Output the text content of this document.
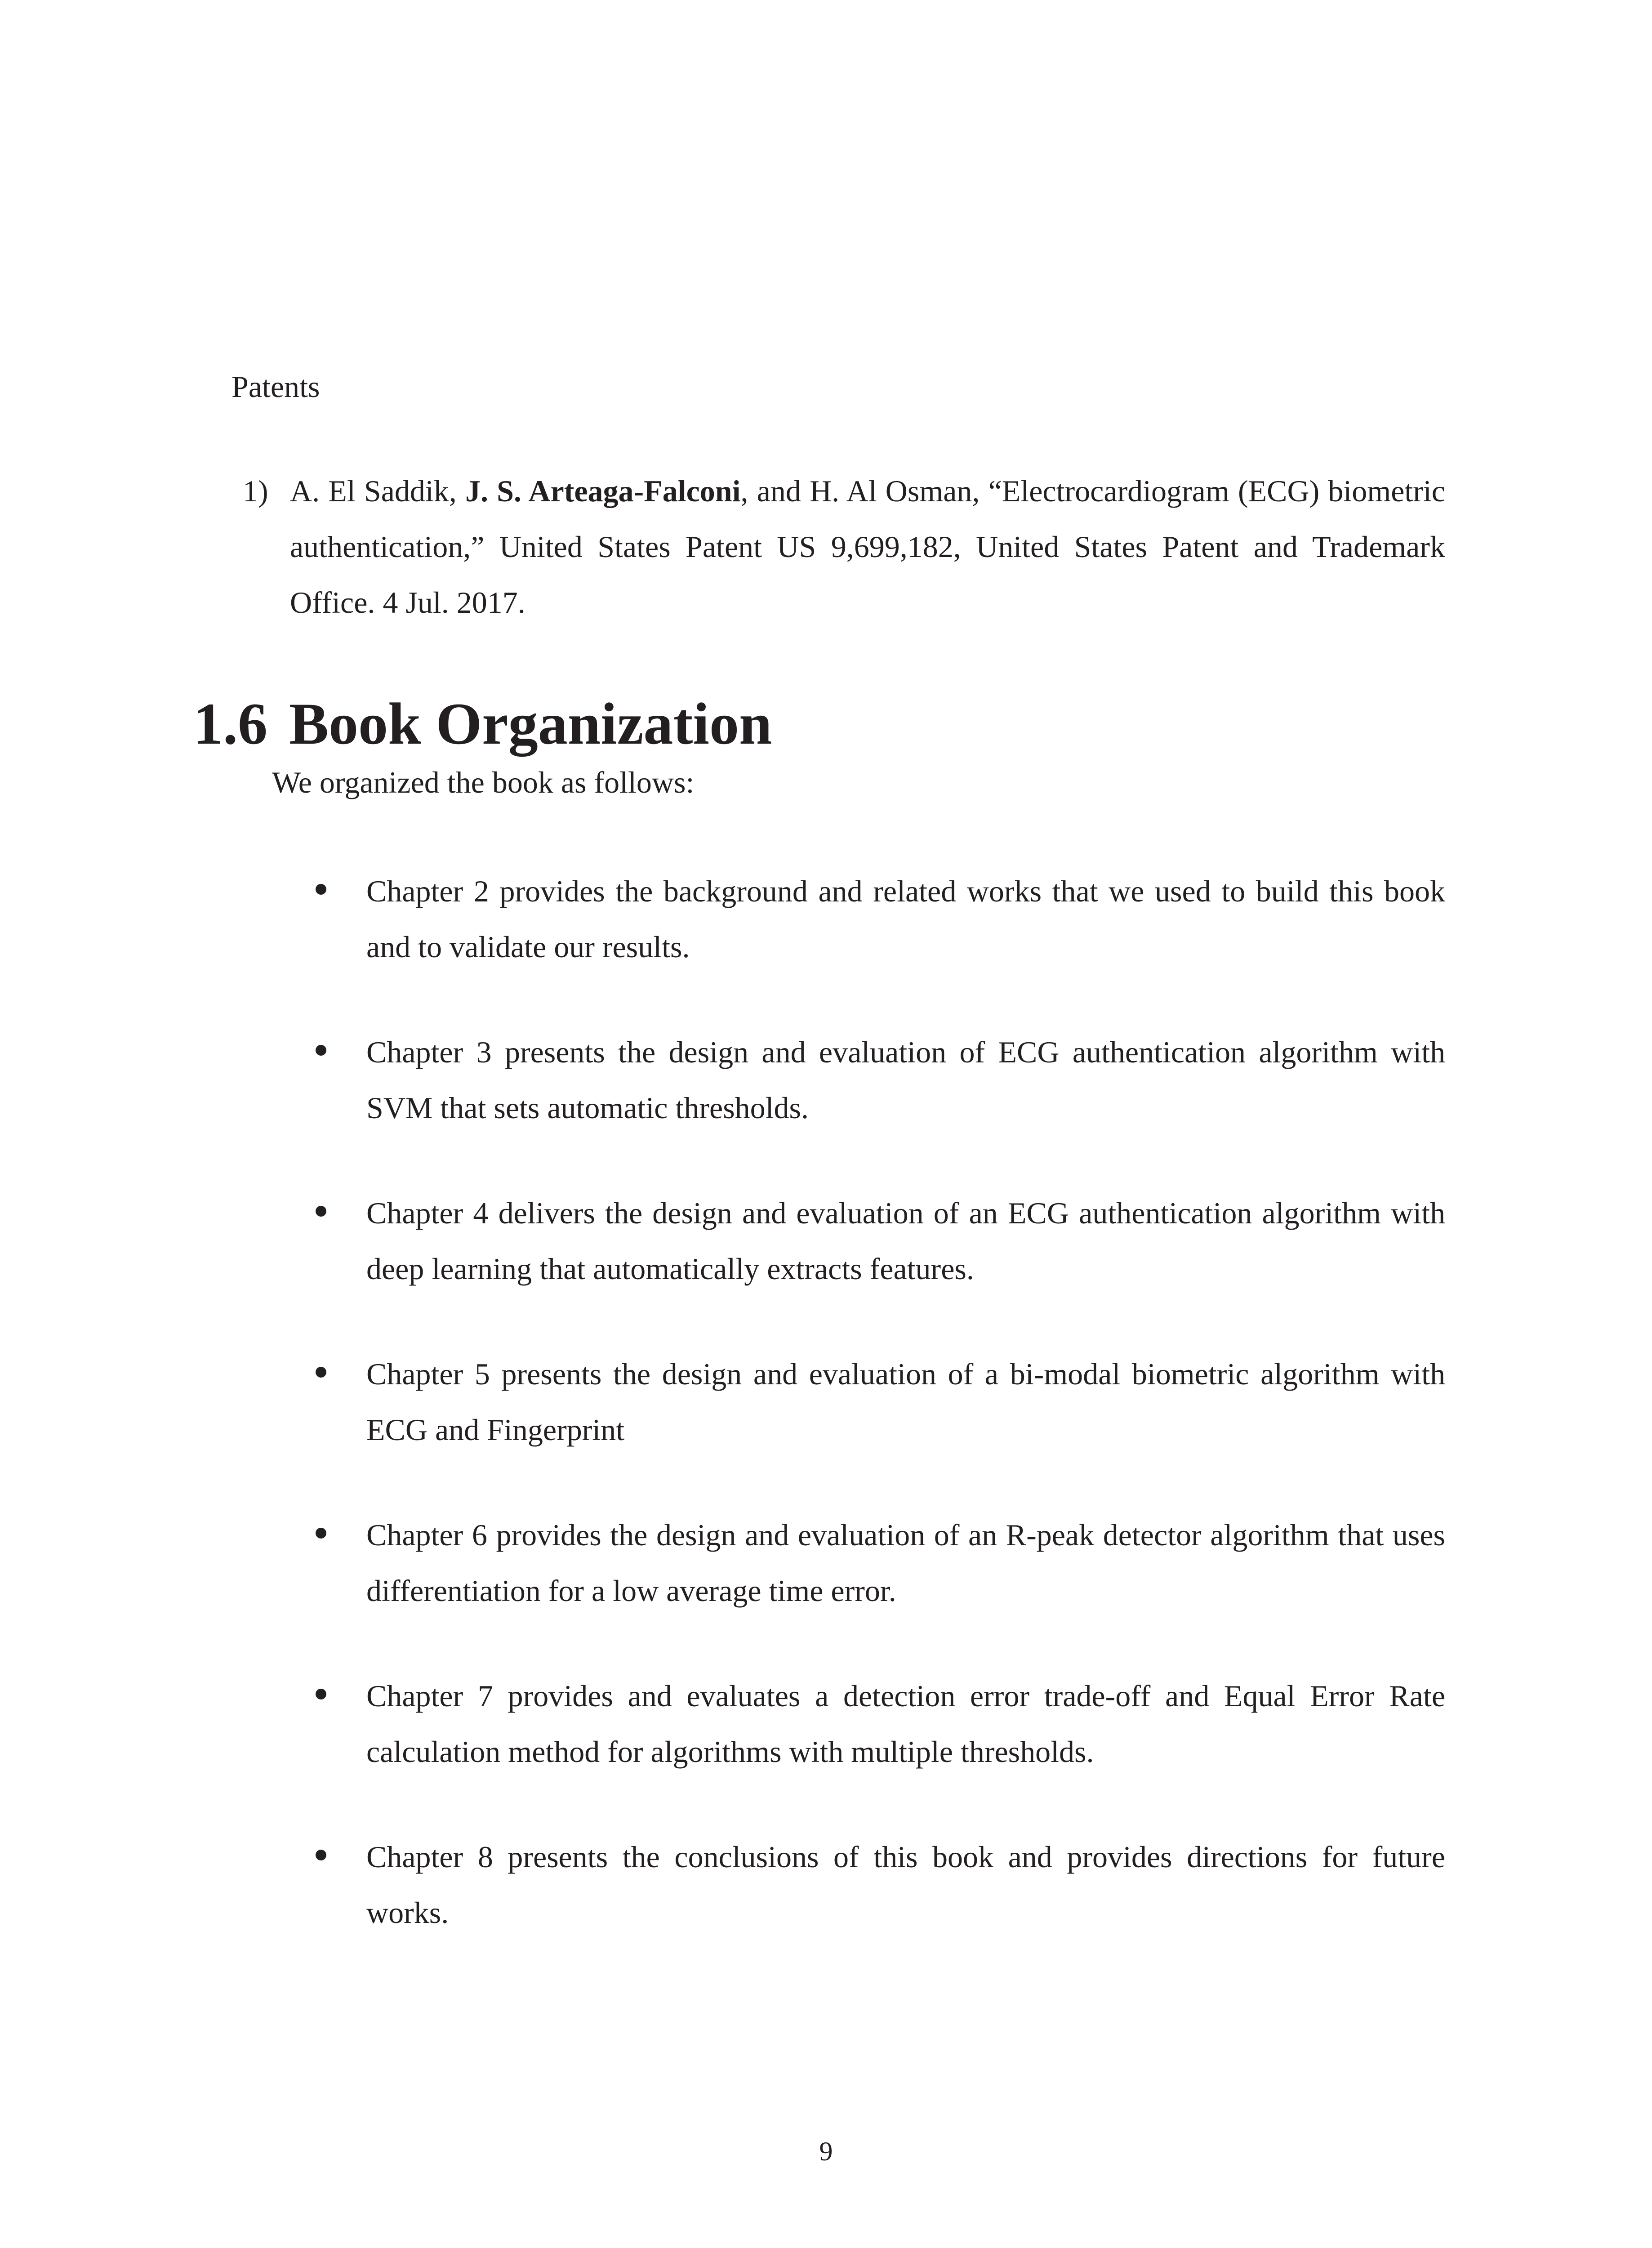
Patents
1) A. El Saddik, J. S. Arteaga-Falconi, and H. Al Osman, “Electrocardiogram (ECG) biometric authentication,” United States Patent US 9,699,182, United States Patent and Trademark Office. 4 Jul. 2017.
1.6 Book Organization
We organized the book as follows:
Chapter 2 provides the background and related works that we used to build this book and to validate our results.
Chapter 3 presents the design and evaluation of ECG authentication algorithm with SVM that sets automatic thresholds.
Chapter 4 delivers the design and evaluation of an ECG authentication algorithm with deep learning that automatically extracts features.
Chapter 5 presents the design and evaluation of a bi-modal biometric algorithm with ECG and Fingerprint
Chapter 6 provides the design and evaluation of an R-peak detector algorithm that uses differentiation for a low average time error.
Chapter 7 provides and evaluates a detection error trade-off and Equal Error Rate calculation method for algorithms with multiple thresholds.
Chapter 8 presents the conclusions of this book and provides directions for future works.
9
